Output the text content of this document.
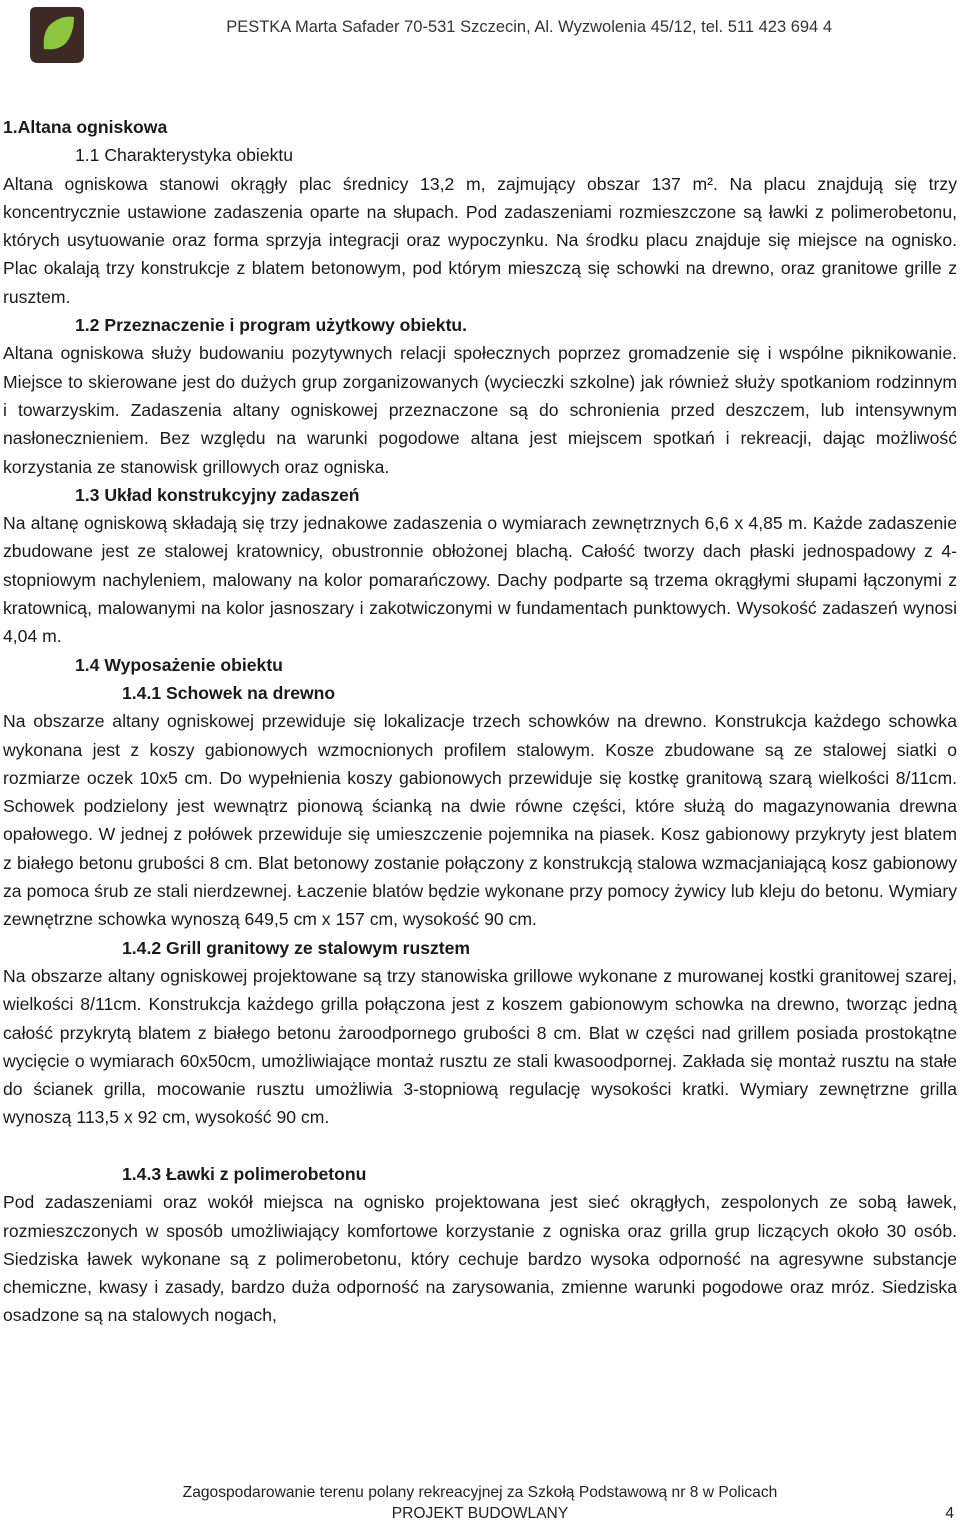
PESTKA Marta Safader 70-531 Szczecin, Al. Wyzwolenia 45/12, tel. 511 423 694 4

1.Altana ogniskowa

1.1 Charakterystyka obiektu

Altana ogniskowa stanowi okrągły plac średnicy 13,2 m, zajmujący obszar 137 m². Na placu znajdują się trzy koncentrycznie ustawione zadaszenia oparte na słupach. Pod zadaszeniami rozmieszczone są ławki z polimerobetonu, których usytuowanie oraz forma sprzyja integracji oraz wypoczynku. Na środku placu znajduje się miejsce na ognisko. Plac okalają trzy konstrukcje z blatem betonowym, pod którym mieszczą się schowki na drewno, oraz granitowe grille z rusztem.

1.2 Przeznaczenie i program użytkowy obiektu.

Altana ogniskowa służy budowaniu pozytywnych relacji społecznych poprzez gromadzenie się i wspólne piknikowanie. Miejsce to skierowane jest do dużych grup zorganizowanych (wycieczki szkolne) jak również służy spotkaniom rodzinnym i towarzyskim. Zadaszenia altany ogniskowej przeznaczone są do schronienia przed deszczem, lub intensywnym nasłonecznieniem. Bez względu na warunki pogodowe altana jest miejscem spotkań i rekreacji, dając możliwość korzystania ze stanowisk grillowych oraz ogniska.

1.3 Układ konstrukcyjny zadaszeń

Na altanę ogniskową składają się trzy jednakowe zadaszenia o wymiarach zewnętrznych 6,6 x 4,85 m. Każde zadaszenie zbudowane jest ze stalowej kratownicy, obustronnie obłożonej blachą. Całość tworzy dach płaski jednospadowy z 4-stopniowym nachyleniem, malowany na kolor pomarańczowy. Dachy podparte są trzema okrągłymi słupami łączonymi z kratownicą, malowanymi na kolor jasnoszary i zakotwiczonymi w fundamentach punktowych. Wysokość zadaszeń wynosi 4,04 m.

1.4 Wyposażenie obiektu

1.4.1 Schowek na drewno

Na obszarze altany ogniskowej przewiduje się lokalizacje trzech schowków na drewno. Konstrukcja każdego schowka wykonana jest z koszy gabionowych wzmocnionych profilem stalowym. Kosze zbudowane są ze stalowej siatki o rozmiarze oczek 10x5 cm. Do wypełnienia koszy gabionowych przewiduje się kostkę granitową szarą wielkości 8/11cm. Schowek podzielony jest wewnątrz pionową ścianką na dwie równe części, które służą do magazynowania drewna opałowego. W jednej z połówek przewiduje się umieszczenie pojemnika na piasek. Kosz gabionowy przykryty jest blatem z białego betonu grubości 8 cm. Blat betonowy zostanie połączony z konstrukcją stalowa wzmacjaniającą kosz gabionowy za pomoca śrub ze stali nierdzewnej. Łaczenie blatów będzie wykonane przy pomocy żywicy lub kleju do betonu. Wymiary zewnętrzne schowka wynoszą 649,5 cm x 157 cm, wysokość 90 cm.

1.4.2 Grill granitowy ze stalowym rusztem

Na obszarze altany ogniskowej projektowane są trzy stanowiska grillowe wykonane z murowanej kostki granitowej szarej, wielkości 8/11cm. Konstrukcja każdego grilla połączona jest z koszem gabionowym schowka na drewno, tworząc jedną całość przykrytą blatem z białego betonu żaroodpornego grubości 8 cm. Blat w części nad grillem posiada prostokątne wycięcie o wymiarach 60x50cm, umożliwiające montaż rusztu ze stali kwasoodpornej. Zakłada się montaż rusztu na stałe do ścianek grilla, mocowanie rusztu umożliwia 3-stopniową regulację wysokości kratki. Wymiary zewnętrzne grilla wynoszą 113,5 x 92 cm, wysokość 90 cm.

1.4.3 Ławki z polimerobetonu

Pod zadaszeniami oraz wokół miejsca na ognisko projektowana jest sieć okrągłych, zespolonych ze sobą ławek, rozmieszczonych w sposób umożliwiający komfortowe korzystanie z ogniska oraz grilla grup liczących około 30 osób. Siedziska ławek wykonane są z polimerobetonu, który cechuje bardzo wysoka odporność na agresywne substancje chemiczne, kwasy i zasady, bardzo duża odporność na zarysowania, zmienne warunki pogodowe oraz mróz. Siedziska osadzone są na stalowych nogach,

Zagospodarowanie terenu polany rekreacyjnej za Szkołą Podstawową nr 8 w Policach
PROJEKT BUDOWLANY	4
